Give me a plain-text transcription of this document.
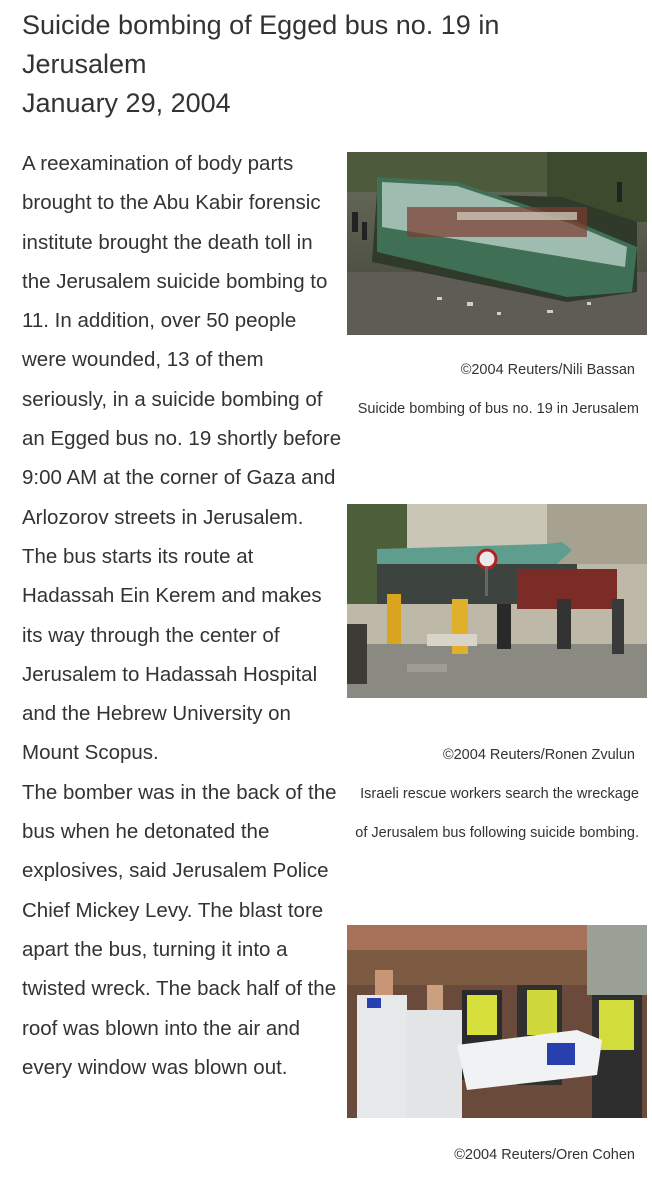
Suicide bombing of Egged bus no. 19 in
Jerusalem
January 29, 2004

A reexamination of body parts brought to the Abu Kabir forensic institute brought the death toll in the Jerusalem suicide bombing to 11. In addition, over 50 people were wounded, 13 of them seriously, in a suicide bombing of an Egged bus no. 19 shortly before 9:00 AM at the corner of Gaza and Arlozorov streets in Jerusalem. The bus starts its route at Hadassah Ein Kerem and makes its way through the center of Jerusalem to Hadassah Hospital and the Hebrew University on Mount Scopus.

The bomber was in the back of the bus when he detonated the explosives, said Jerusalem Police Chief Mickey Levy. The blast tore apart the bus, turning it into a twisted wreck. The back half of the roof was blown into the air and every window was blown out.

©2004 Reuters/Nili Bassan
Suicide bombing of bus no. 19 in Jerusalem

©2004 Reuters/Ronen Zvulun
Israeli rescue workers search the wreckage of Jerusalem bus following suicide bombing.

©2004 Reuters/Oren Cohen
